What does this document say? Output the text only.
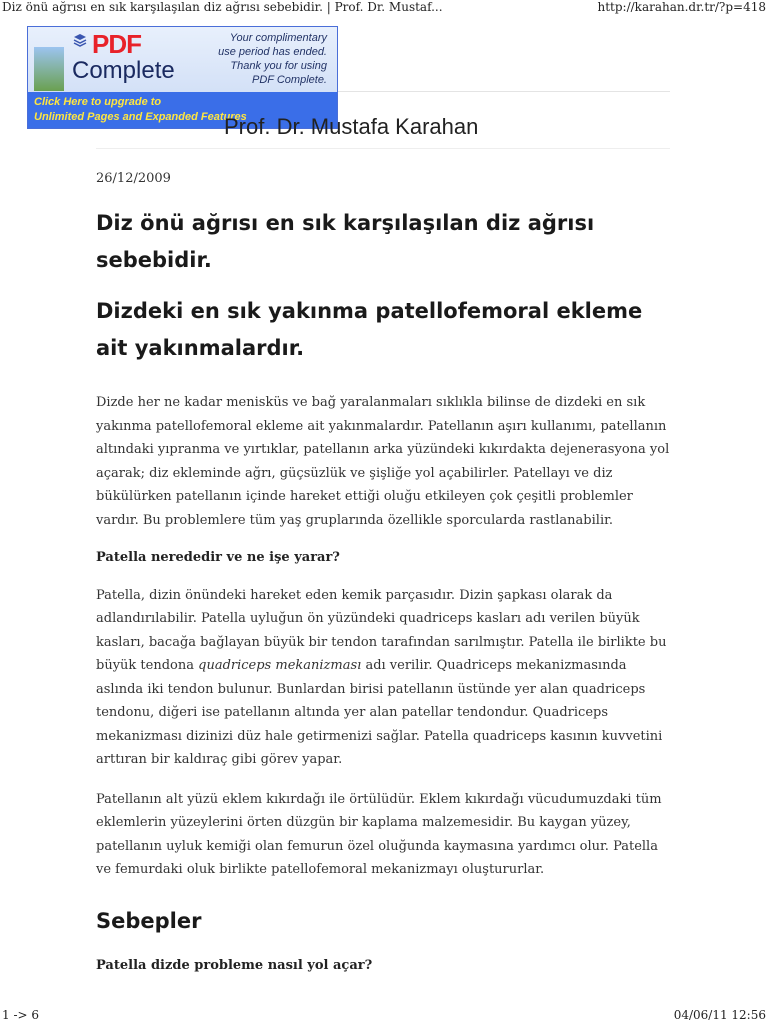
Diz önü ağrısı en sık karşılaşılan diz ağrısı sebebidir. | Prof. Dr. Mustaf...	http://karahan.dr.tr/?p=418
PDF
Complete
Your complimentary
use period has ended.
Thank you for using
PDF Complete.
Click Here to upgrade to
Unlimited Pages and Expanded Features
Prof. Dr. Mustafa Karahan
26/12/2009
Diz önü ağrısı en sık karşılaşılan diz ağrısı sebebidir.
Dizdeki en sık yakınma patellofemoral ekleme ait yakınmalardır.

Dizde her ne kadar menisküs ve bağ yaralanmaları sıklıkla bilinse de dizdeki en sık yakınma patellofemoral ekleme ait yakınmalardır. Patellanın aşırı kullanımı, patellanın altındaki yıpranma ve yırtıklar, patellanın arka yüzündeki kıkırdakta dejenerasyona yol açarak; diz ekleminde ağrı, güçsüzlük ve şişliğe yol açabilirler. Patellayı ve diz bükülürken patellanın içinde hareket ettiği oluğu etkileyen çok çeşitli problemler vardır. Bu problemlere tüm yaş gruplarında özellikle sporcularda rastlanabilir.

Patella nerededir ve ne işe yarar?

Patella, dizin önündeki hareket eden kemik parçasıdır. Dizin şapkası olarak da adlandırılabilir. Patella uyluğun ön yüzündeki quadriceps kasları adı verilen büyük kasları, bacağa bağlayan büyük bir tendon tarafından sarılmıştır. Patella ile birlikte bu büyük tendona quadriceps mekanizması adı verilir. Quadriceps mekanizmasında aslında iki tendon bulunur. Bunlardan birisi patellanın üstünde yer alan quadriceps tendonu, diğeri ise patellanın altında yer alan patellar tendondur. Quadriceps mekanizması dizinizi düz hale getirmenizi sağlar. Patella quadriceps kasının kuvvetini arttıran bir kaldıraç gibi görev yapar.

Patellanın alt yüzü eklem kıkırdağı ile örtülüdür. Eklem kıkırdağı vücudumuzdaki tüm eklemlerin yüzeylerini örten düzgün bir kaplama malzemesidir. Bu kaygan yüzey, patellanın uyluk kemiği olan femurun özel oluğunda kaymasına yardımcı olur. Patella ve femurdaki oluk birlikte patellofemoral mekanizmayı oluştururlar.

Sebepler

Patella dizde probleme nasıl yol açar?

1 -> 6	04/06/11 12:56
